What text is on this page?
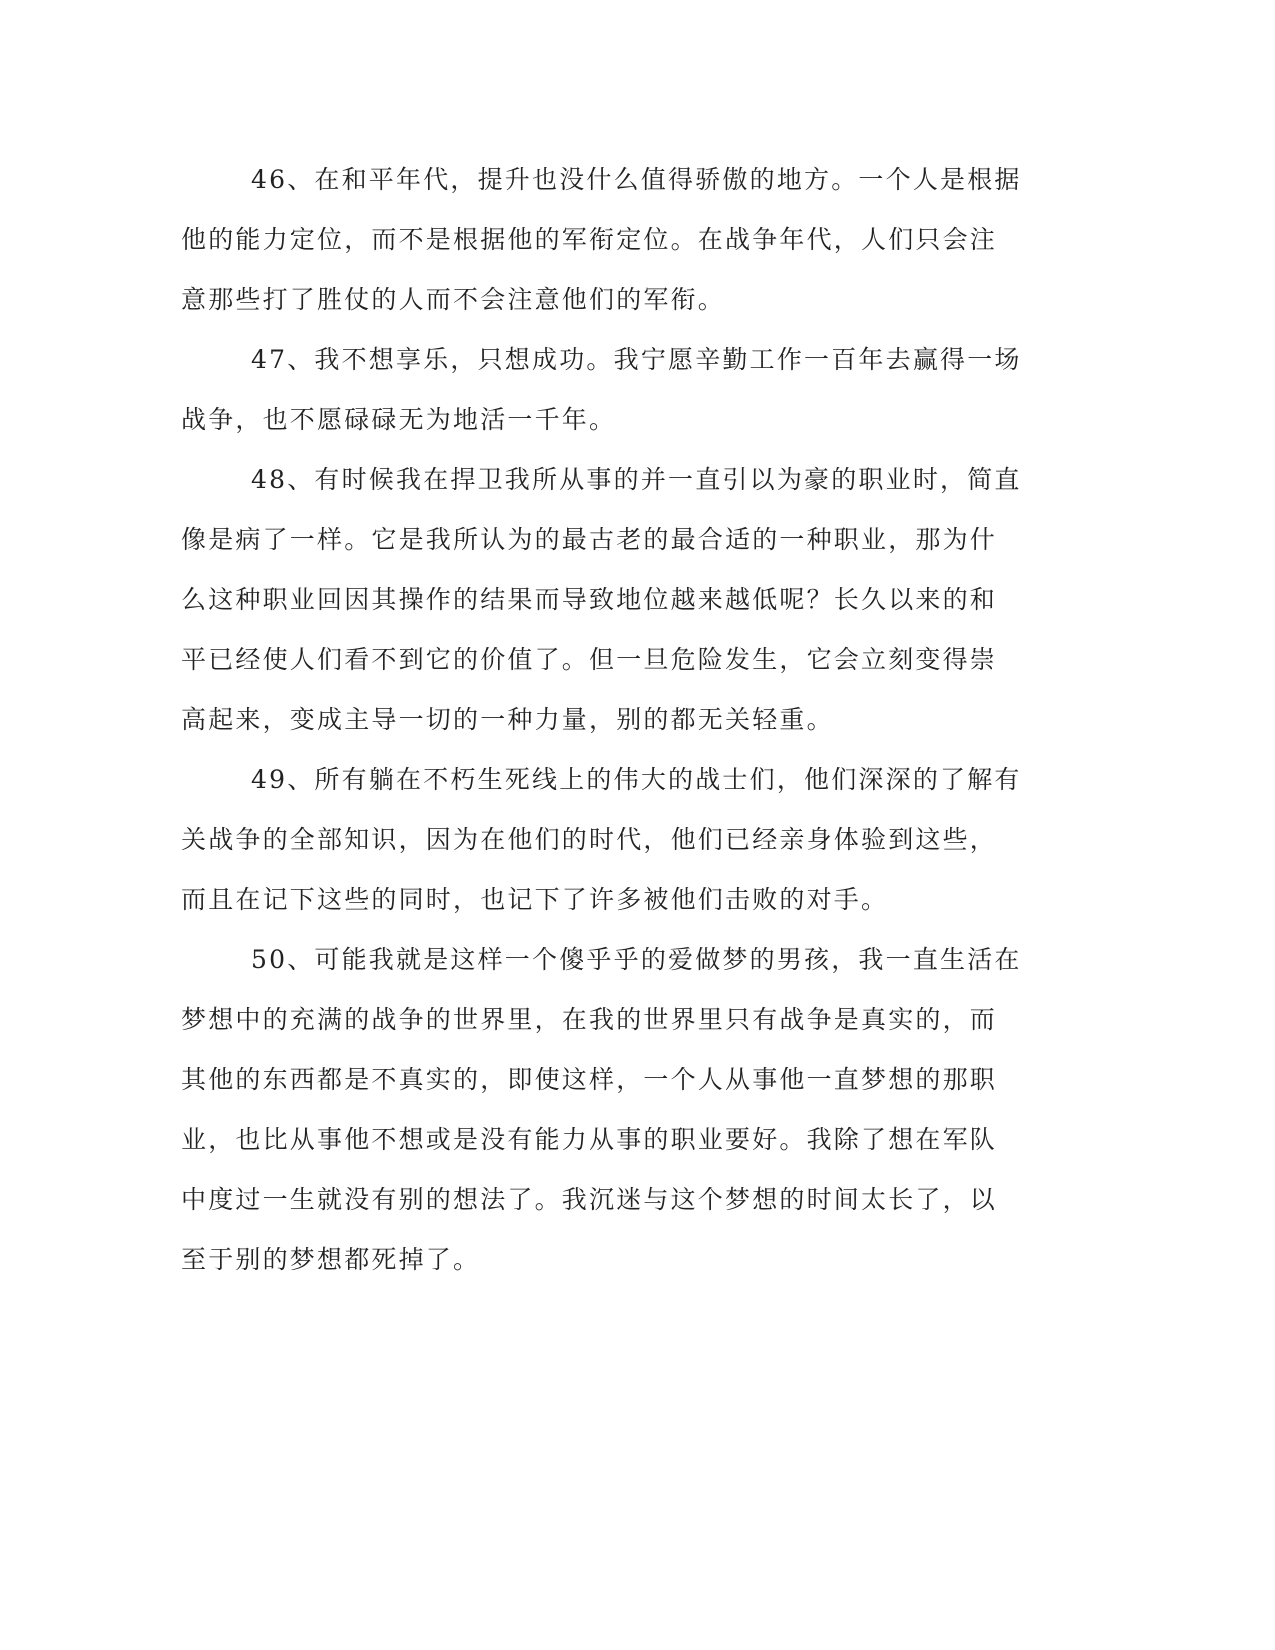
46、在和平年代，提升也没什么值得骄傲的地方。一个人是根据
他的能力定位，而不是根据他的军衔定位。在战争年代，人们只会注
意那些打了胜仗的人而不会注意他们的军衔。

47、我不想享乐，只想成功。我宁愿辛勤工作一百年去赢得一场
战争，也不愿碌碌无为地活一千年。

48、有时候我在捍卫我所从事的并一直引以为豪的职业时，简直
像是病了一样。它是我所认为的最古老的最合适的一种职业，那为什
么这种职业回因其操作的结果而导致地位越来越低呢？长久以来的和
平已经使人们看不到它的价值了。但一旦危险发生，它会立刻变得崇
高起来，变成主导一切的一种力量，别的都无关轻重。

49、所有躺在不朽生死线上的伟大的战士们，他们深深的了解有
关战争的全部知识，因为在他们的时代，他们已经亲身体验到这些，
而且在记下这些的同时，也记下了许多被他们击败的对手。

50、可能我就是这样一个傻乎乎的爱做梦的男孩，我一直生活在
梦想中的充满的战争的世界里，在我的世界里只有战争是真实的，而
其他的东西都是不真实的，即使这样，一个人从事他一直梦想的那职
业，也比从事他不想或是没有能力从事的职业要好。我除了想在军队
中度过一生就没有别的想法了。我沉迷与这个梦想的时间太长了，以
至于别的梦想都死掉了。
